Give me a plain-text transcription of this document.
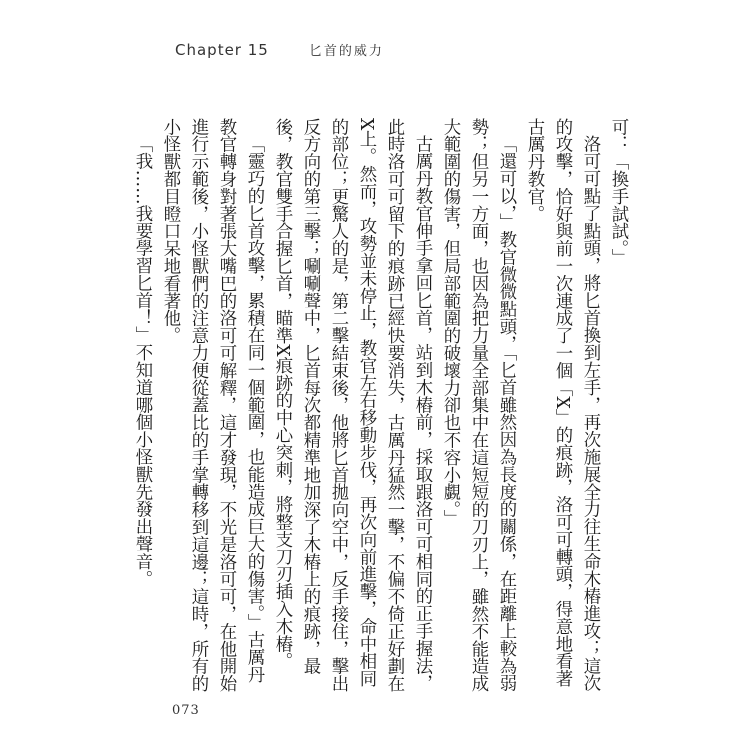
Chapter 15	匕首的威力

可：「換手試試。」

洛可可點了點頭，將匕首換到左手，再次施展全力往生命木樁進攻；這次的攻擊，恰好與前一次連成了一個「X」的痕跡，洛可可轉頭，得意地看著古厲丹教官。

「還可以，」教官微微點頭，「匕首雖然因為長度的關係，在距離上較為弱勢；但另一方面，也因為把力量全部集中在這短短的刀刃上，雖然不能造成大範圍的傷害，但局部範圍的破壞力卻也不容小覷。」

古厲丹教官伸手拿回匕首，站到木樁前，採取跟洛可可相同的正手握法，此時洛可可留下的痕跡已經快要消失，古厲丹猛然一擊，不偏不倚正好劃在X上。然而，攻勢並未停止，教官左右移動步伐，再次向前進擊，命中相同的部位；更驚人的是，第二擊結束後，他將匕首拋向空中，反手接住，擊出反方向的第三擊；唰唰聲中，匕首每次都精準地加深了木樁上的痕跡，最後，教官雙手合握匕首，瞄準X痕跡的中心突刺，將整支刀刃插入木樁。

「靈巧的匕首攻擊，累積在同一個範圍，也能造成巨大的傷害。」古厲丹教官轉身對著張大嘴巴的洛可可解釋，這才發現，不光是洛可可，在他開始進行示範後，小怪獸們的注意力便從蓋比的手掌轉移到這邊；這時，所有的小怪獸都目瞪口呆地看著他。

「我……我要學習匕首！」不知道哪個小怪獸先發出聲音。

073
